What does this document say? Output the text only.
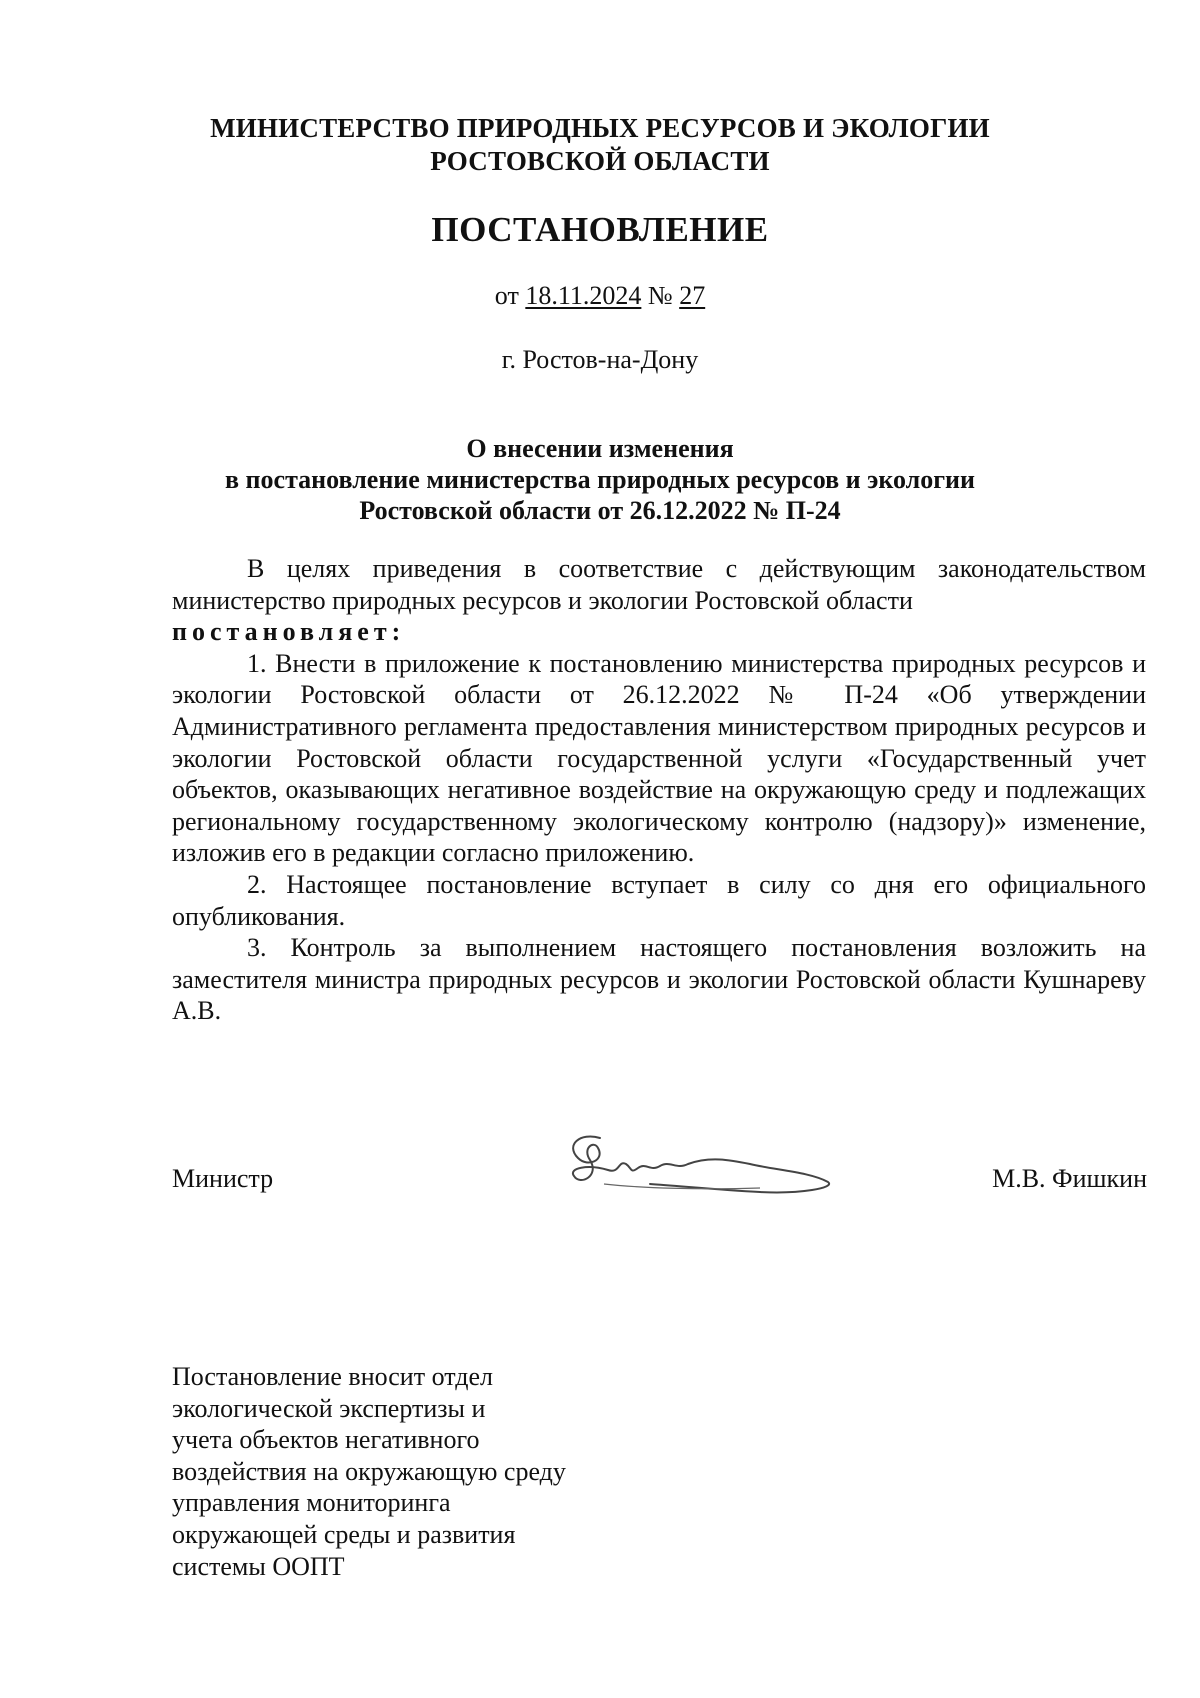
МИНИСТЕРСТВО ПРИРОДНЫХ РЕСУРСОВ И ЭКОЛОГИИ
РОСТОВСКОЙ ОБЛАСТИ
ПОСТАНОВЛЕНИЕ
от 18.11.2024 № 27
г. Ростов-на-Дону
О внесении изменения
в постановление министерства природных ресурсов и экологии
Ростовской области от 26.12.2022 № П-24

В целях приведения в соответствие с действующим законодательством министерство природных ресурсов и экологии Ростовской области

постановляет:

1. Внести в приложение к постановлению министерства природных ресурсов и экологии Ростовской области от 26.12.2022 № П-24 «Об утверждении Административного регламента предоставления министерством природных ресурсов и экологии Ростовской области государственной услуги «Государственный учет объектов, оказывающих негативное воздействие на окружающую среду и подлежащих региональному государственному экологическому контролю (надзору)» изменение, изложив его в редакции согласно приложению.

2. Настоящее постановление вступает в силу со дня его официального опубликования.

3. Контроль за выполнением настоящего постановления возложить на заместителя министра природных ресурсов и экологии Ростовской области Кушнареву А.В.

Министр	М.В. Фишкин
Постановление вносит отдел
экологической экспертизы и
учета объектов негативного
воздействия на окружающую среду
управления мониторинга
окружающей среды и развития
системы ООПТ
